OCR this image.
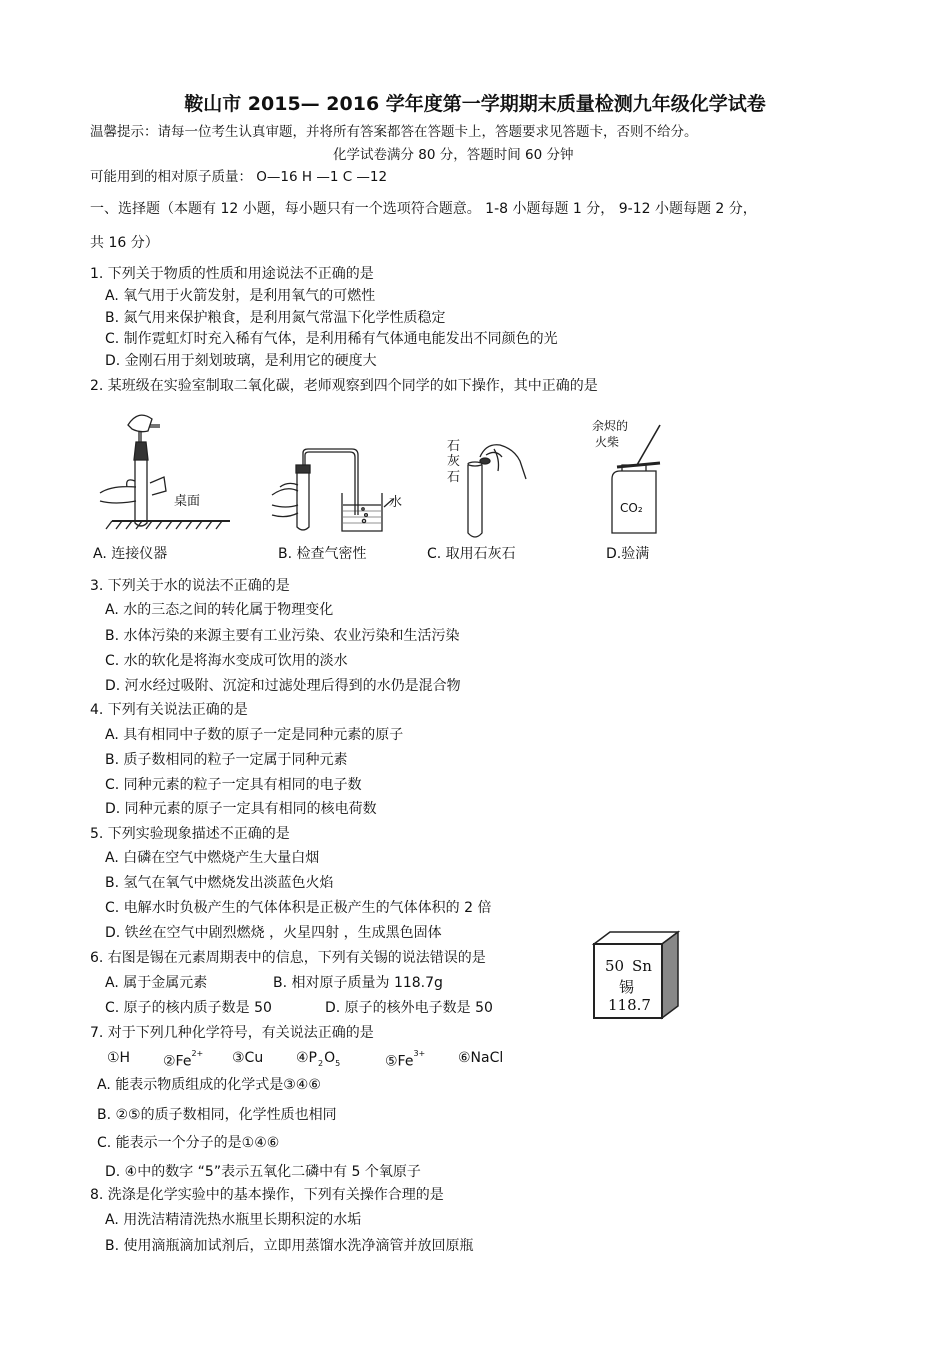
鞍山市 2015— 2016 学年度第一学期期末质量检测九年级化学试卷
温馨提示：请每一位考生认真审题，并将所有答案都答在答题卡上，答题要求见答题卡，否则不给分。
化学试卷满分 80 分，答题时间 60 分钟
可能用到的相对原子质量： O—16 H —1 C —12
一、选择题（本题有 12 小题，每小题只有一个选项符合题意。 1-8 小题每题 1 分， 9-12 小题每题 2 分，
共 16 分）
1. 下列关于物质的性质和用途说法不正确的是
A. 氧气用于火箭发射，是利用氧气的可燃性
B. 氮气用来保护粮食，是利用氮气常温下化学性质稳定
C. 制作霓虹灯时充入稀有气体，是利用稀有气体通电能发出不同颜色的光
D. 金刚石用于刻划玻璃，是利用它的硬度大
2. 某班级在实验室制取二氧化碳，老师观察到四个同学的如下操作，其中正确的是
桌面
A. 连接仪器
水
B. 检查气密性
石
灰
石
C. 取用石灰石
余烬的
火柴
CO₂
D.验满
3. 下列关于水的说法不正确的是
A. 水的三态之间的转化属于物理变化
B. 水体污染的来源主要有工业污染、农业污染和生活污染
C. 水的软化是将海水变成可饮用的淡水
D. 河水经过吸附、沉淀和过滤处理后得到的水仍是混合物
4. 下列有关说法正确的是
A. 具有相同中子数的原子一定是同种元素的原子
B. 质子数相同的粒子一定属于同种元素
C. 同种元素的粒子一定具有相同的电子数
D. 同种元素的原子一定具有相同的核电荷数
5. 下列实验现象描述不正确的是
A. 白磷在空气中燃烧产生大量白烟
B. 氢气在氧气中燃烧发出淡蓝色火焰
C. 电解水时负极产生的气体体积是正极产生的气体体积的 2 倍
D. 铁丝在空气中剧烈燃烧 ，火星四射 ，生成黑色固体
6. 右图是锡在元素周期表中的信息，下列有关锡的说法错误的是
A. 属于金属元素	B. 相对原子质量为 118.7g
C. 原子的核内质子数是 50	D. 原子的核外电子数是 50
50 Sn
锡
118.7
7. 对于下列几种化学符号，有关说法正确的是
①H $②Fe^{2+}$ ③Cu $④P_2O_5$	$⑤Fe^{3+}$ ⑥NaCl
A. 能表示物质组成的化学式是③④⑥
B. ②⑤的质子数相同，化学性质也相同
C. 能表示一个分子的是①④⑥
D. ④中的数字 “5”表示五氧化二磷中有 5 个氧原子
8. 洗涤是化学实验中的基本操作，下列有关操作合理的是
A. 用洗洁精清洗热水瓶里长期积淀的水垢
B. 使用滴瓶滴加试剂后，立即用蒸馏水洗净滴管并放回原瓶
